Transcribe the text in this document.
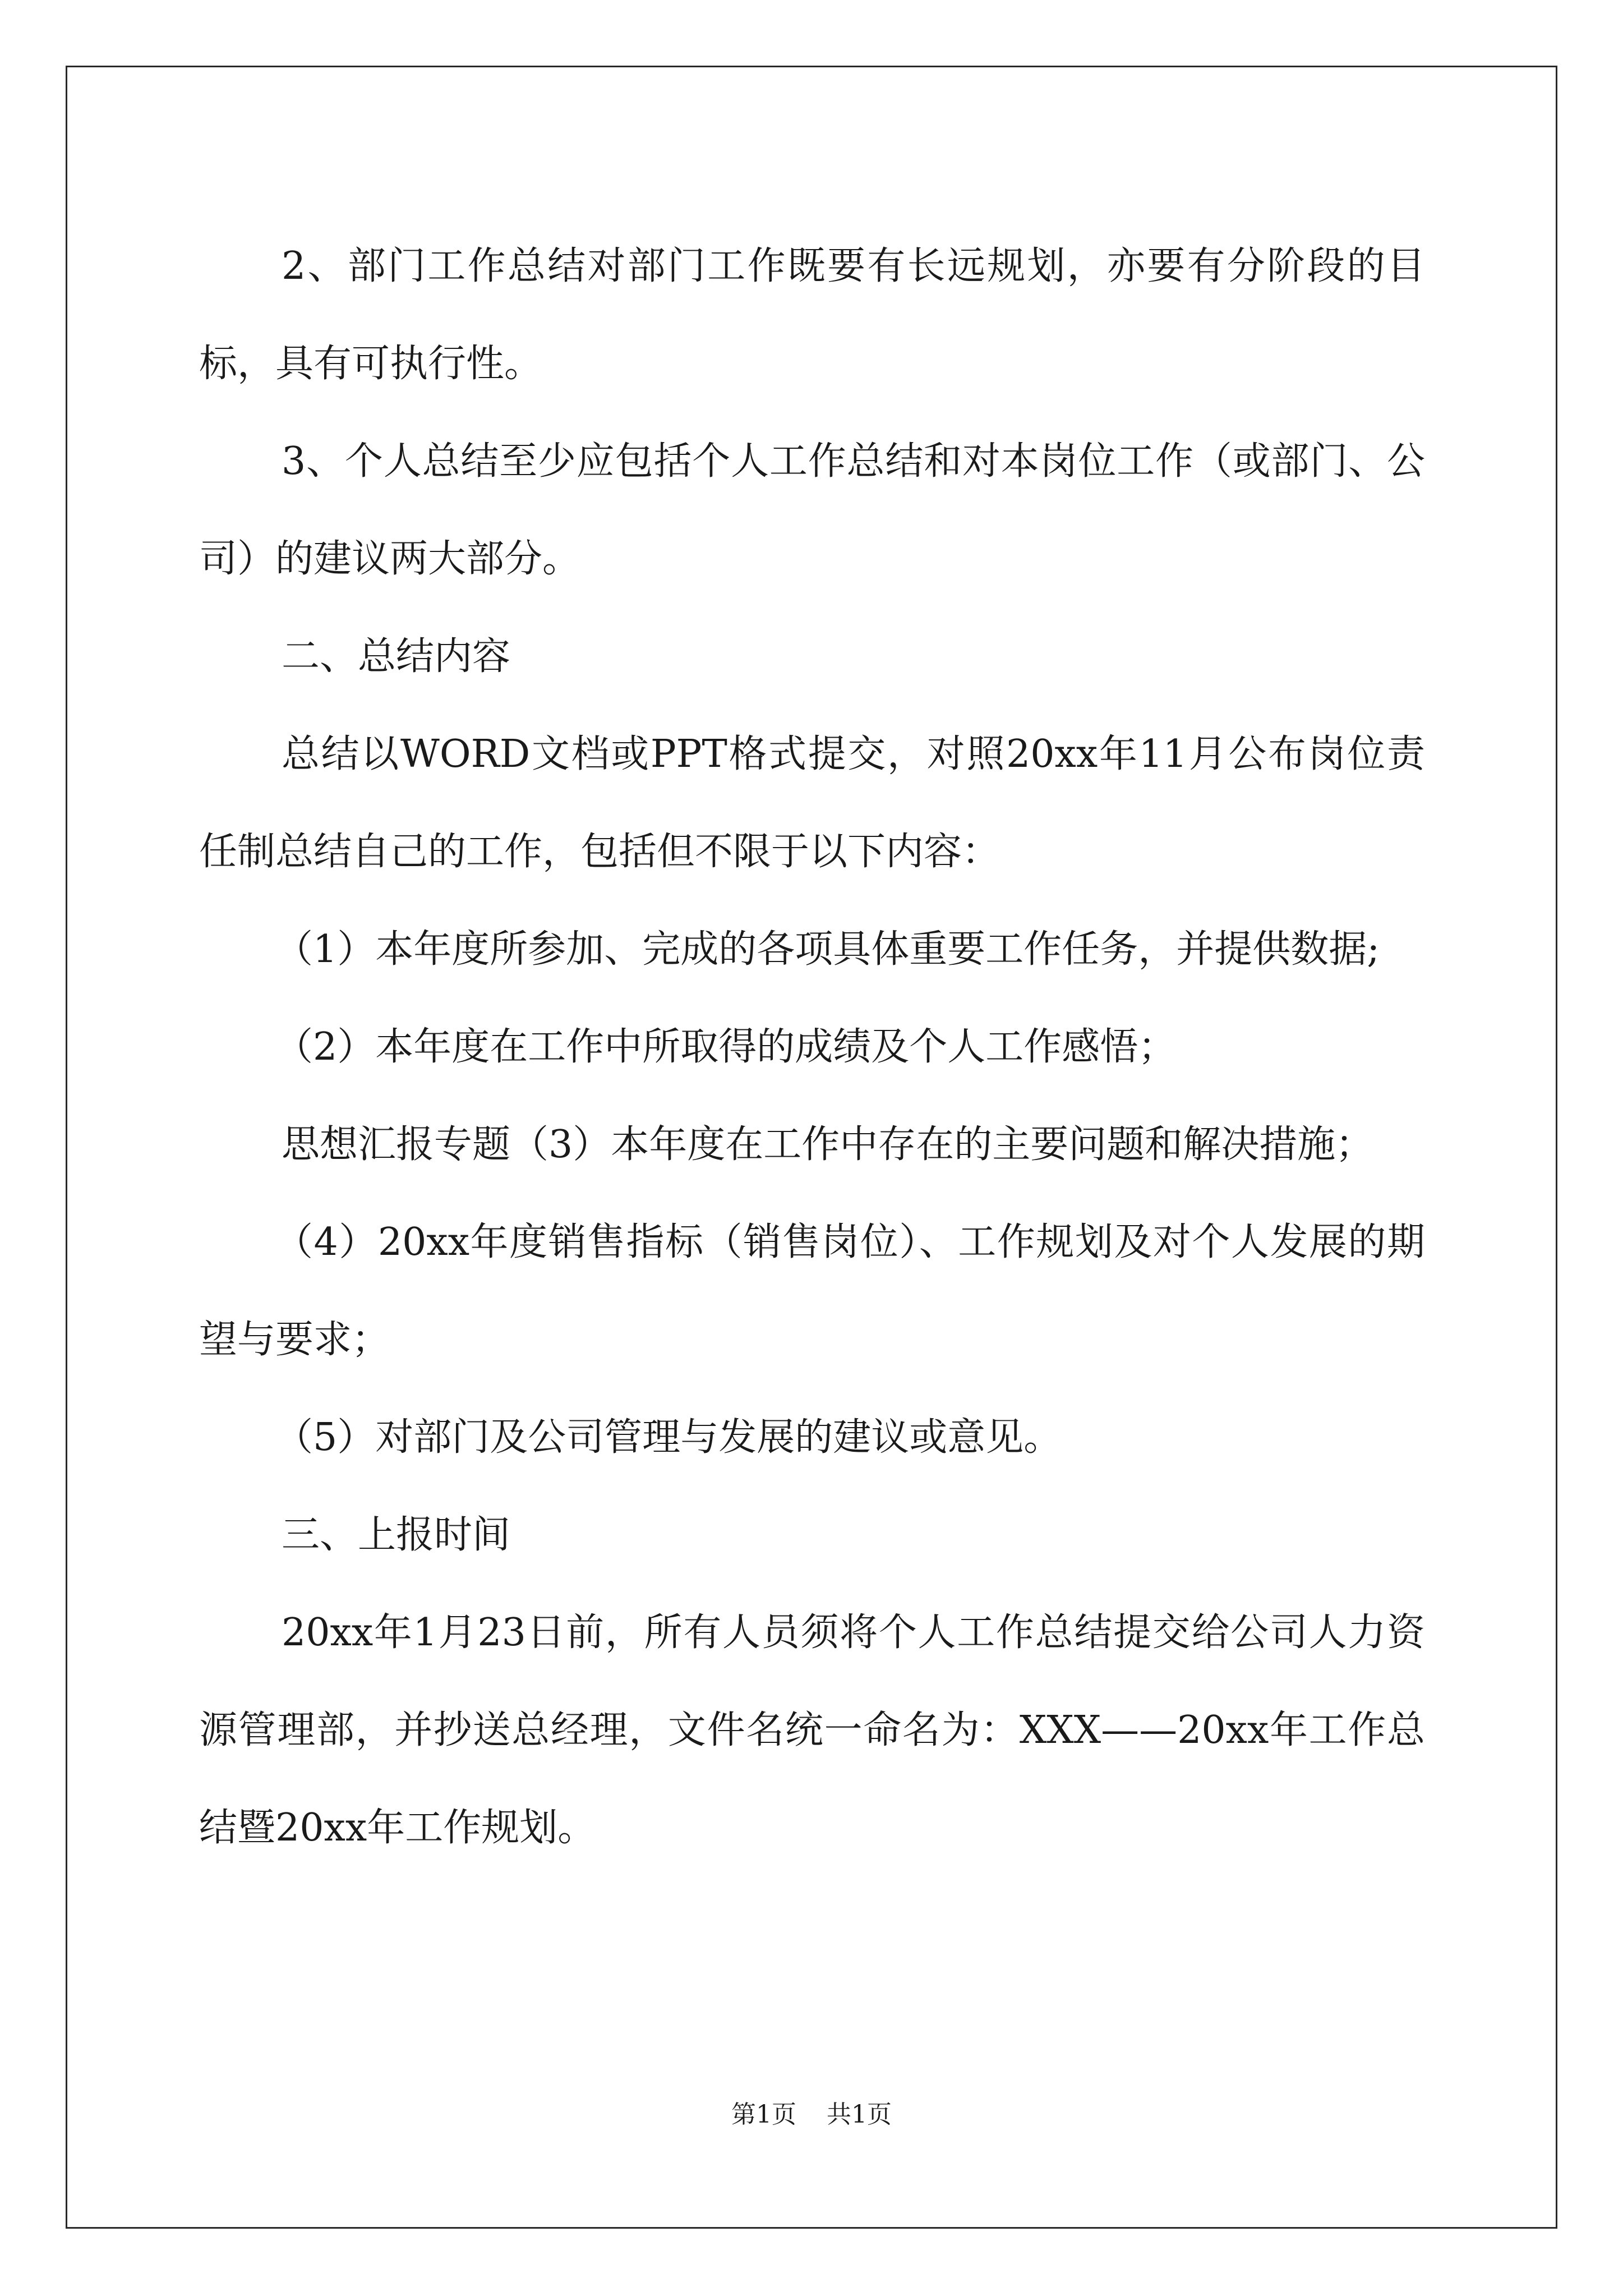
2、部门工作总结对部门工作既要有长远规划，亦要有分阶段的目标，具有可执行性。

3、个人总结至少应包括个人工作总结和对本岗位工作（或部门、公司）的建议两大部分。

二、总结内容

总结以WORD文档或PPT格式提交，对照20xx年11月公布岗位责任制总结自己的工作，包括但不限于以下内容：

（1）本年度所参加、完成的各项具体重要工作任务，并提供数据;

（2）本年度在工作中所取得的成绩及个人工作感悟；

思想汇报专题（3）本年度在工作中存在的主要问题和解决措施；

（4）20xx年度销售指标（销售岗位）、工作规划及对个人发展的期望与要求；

（5）对部门及公司管理与发展的建议或意见。

三、上报时间

20xx年1月23日前，所有人员须将个人工作总结提交给公司人力资源管理部，并抄送总经理，文件名统一命名为：XXX——20xx年工作总结暨20xx年工作规划。

第1页 共1页
